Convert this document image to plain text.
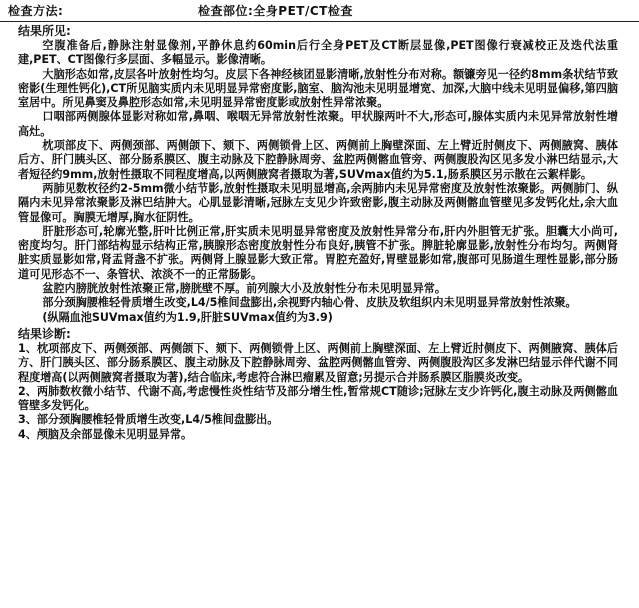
检查方法:	检查部位:全身PET/CT检查

结果所见:

空腹准备后,静脉注射显像剂,平静休息约60min后行全身PET及CT断层显像,PET图像行衰减校正及迭代法重建,PET、CT图像行多层面、多幅显示。影像清晰。

大脑形态如常,皮层各叶放射性均匀。皮层下各神经核团显影清晰,放射性分布对称。额镰旁见一径约8mm条状结节致密影(生理性钙化),CT所见脑实质内未见明显异常密度影,脑室、脑沟池未见明显增宽、加深,大脑中线未见明显偏移,第四脑室居中。所见鼻窦及鼻腔形态如常,未见明显异常密度影或放射性异常浓聚。

口咽部两侧腺体显影对称如常,鼻咽、喉咽无异常放射性浓聚。甲状腺两叶不大,形态可,腺体实质内未见异常放射性增高灶。

枕项部皮下、两侧颈部、两侧颌下、颏下、两侧锁骨上区、两侧前上胸壁深面、左上臂近肘侧皮下、两侧腋窝、胰体后方、肝门胰头区、部分肠系膜区、腹主动脉及下腔静脉周旁、盆腔两侧髂血管旁、两侧腹股沟区见多发小淋巴结显示,大者短径约9mm,放射性摄取不同程度增高,以两侧腋窝者摄取为著,SUVmax值约为5.1,肠系膜区另示散在云絮样影。

两肺见数枚径约2-5mm微小结节影,放射性摄取未见明显增高,余两肺内未见异常密度及放射性浓聚影。两侧肺门、纵隔内未见异常浓聚影及淋巴结肿大。心肌显影清晰,冠脉左支见少许致密影,腹主动脉及两侧髂血管壁见多发钙化灶,余大血管显像可。胸膜无增厚,胸水征阴性。

肝脏形态可,轮廓光整,肝叶比例正常,肝实质未见明显异常密度及放射性异常分布,肝内外胆管无扩张。胆囊大小尚可,密度均匀。肝门部结构显示结构正常,胰腺形态密度放射性分布良好,胰管不扩张。脾脏轮廓显影,放射性分布均匀。两侧肾脏实质显影如常,肾盂肾盏不扩张。两侧肾上腺显影大致正常。胃腔充盈好,胃壁显影如常,腹部可见肠道生理性显影,部分肠道可见形态不一、条管状、浓淡不一的正常肠影。

盆腔内膀胱放射性浓聚正常,膀胱壁不厚。前列腺大小及放射性分布未见明显异常。

部分颈胸腰椎轻骨质增生改变,L4/5椎间盘膨出,余视野内轴心骨、皮肤及软组织内未见明显异常放射性浓聚。

(纵隔血池SUVmax值约为1.9,肝脏SUVmax值约为3.9)

结果诊断:

1、枕项部皮下、两侧颈部、两侧颌下、颏下、两侧锁骨上区、两侧前上胸壁深面、左上臂近肘侧皮下、两侧腋窝、胰体后方、肝门胰头区、部分肠系膜区、腹主动脉及下腔静脉周旁、盆腔两侧髂血管旁、两侧腹股沟区多发淋巴结显示伴代谢不同程度增高(以两侧腋窝者摄取为著),结合临床,考虑符合淋巴瘤累及留意;另提示合并肠系膜区脂膜炎改变。

2、两肺数枚微小结节、代谢不高,考虑慢性炎性结节及部分增生性,暂常规CT随诊;冠脉左支少许钙化,腹主动脉及两侧髂血管壁多发钙化。

3、部分颈胸腰椎轻骨质增生改变,L4/5椎间盘膨出。

4、颅脑及余部显像未见明显异常。
